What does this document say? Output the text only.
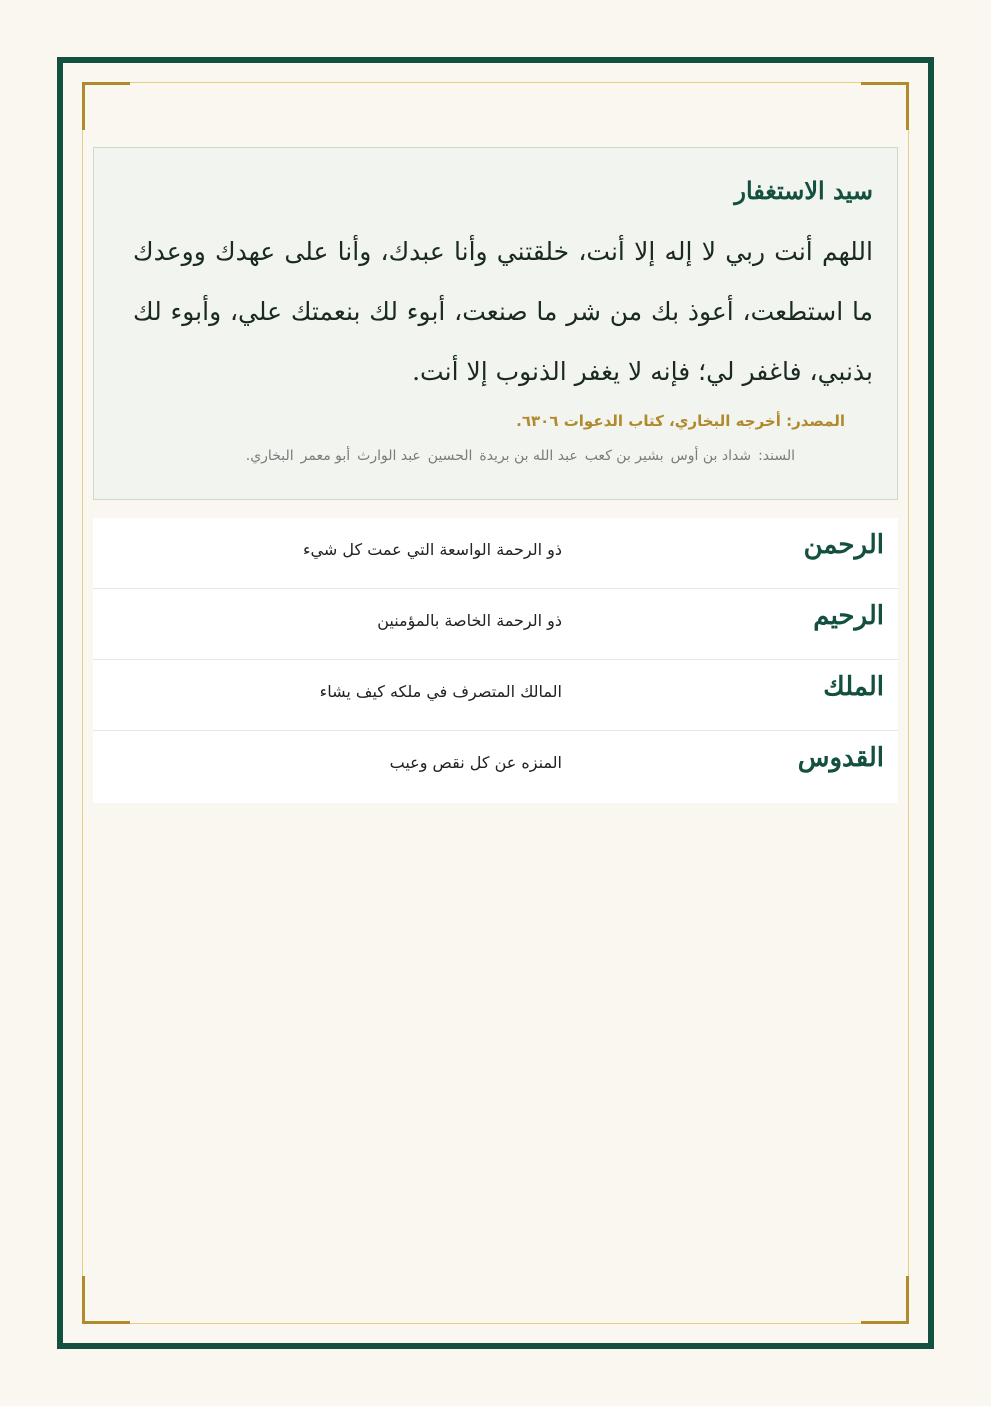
سيد الاستغفار

اللهم أنت ربي لا إله إلا أنت، خلقتني وأنا عبدك، وأنا على عهدك ووعدك ما استطعت، أعوذ بك من شر ما صنعت، أبوء لك بنعمتك علي، وأبوء لك بذنبي، فاغفر لي؛ فإنه لا يغفر الذنوب إلا أنت.

المصدر: أخرجه البخاري، كتاب الدعوات ٦٣٠٦.
السند:
شداد بن أوس
بشير بن كعب
عبد الله بن بريدة
الحسين
عبد الوارث
أبو معمر
البخاري.
الرحمن
ذو الرحمة الواسعة التي عمت كل شيء
الرحيم
ذو الرحمة الخاصة بالمؤمنين
الملك
المالك المتصرف في ملكه كيف يشاء
القدوس
المنزه عن كل نقص وعيب
